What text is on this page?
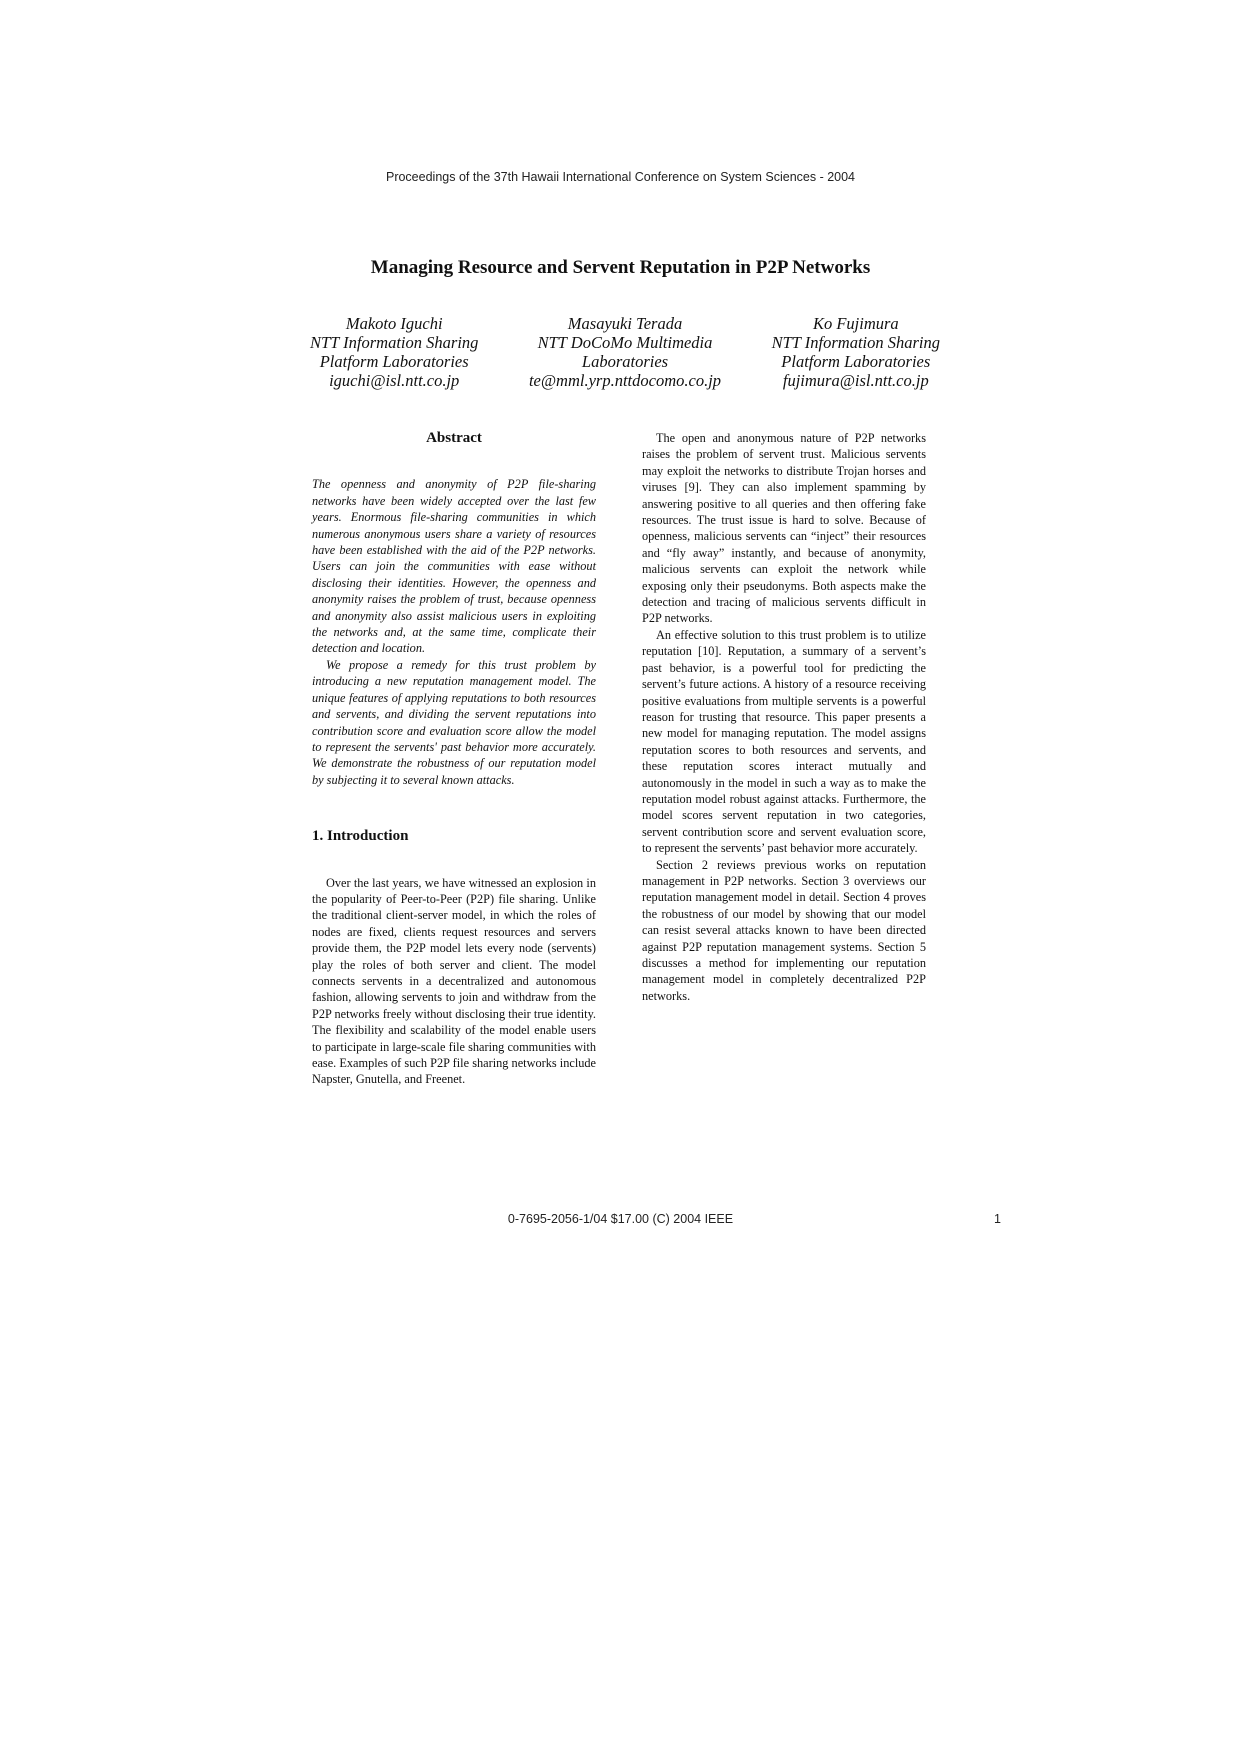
Proceedings of the 37th Hawaii International Conference on System Sciences - 2004
Managing Resource and Servent Reputation in P2P Networks
Makoto Iguchi
NTT Information Sharing
Platform Laboratories
iguchi@isl.ntt.co.jp
Masayuki Terada
NTT DoCoMo Multimedia
Laboratories
te@mml.yrp.nttdocomo.co.jp
Ko Fujimura
NTT Information Sharing
Platform Laboratories
fujimura@isl.ntt.co.jp
Abstract

The openness and anonymity of P2P file-sharing networks have been widely accepted over the last few years. Enormous file-sharing communities in which numerous anonymous users share a variety of resources have been established with the aid of the P2P networks. Users can join the communities with ease without disclosing their identities. However, the openness and anonymity raises the problem of trust, because openness and anonymity also assist malicious users in exploiting the networks and, at the same time, complicate their detection and location.

We propose a remedy for this trust problem by introducing a new reputation management model. The unique features of applying reputations to both resources and servents, and dividing the servent reputations into contribution score and evaluation score allow the model to represent the servents' past behavior more accurately. We demonstrate the robustness of our reputation model by subjecting it to several known attacks.

1. Introduction

Over the last years, we have witnessed an explosion in the popularity of Peer-to-Peer (P2P) file sharing. Unlike the traditional client-server model, in which the roles of nodes are fixed, clients request resources and servers provide them, the P2P model lets every node (servents) play the roles of both server and client. The model connects servents in a decentralized and autonomous fashion, allowing servents to join and withdraw from the P2P networks freely without disclosing their true identity. The flexibility and scalability of the model enable users to participate in large-scale file sharing communities with ease. Examples of such P2P file sharing networks include Napster, Gnutella, and Freenet.

The open and anonymous nature of P2P networks raises the problem of servent trust. Malicious servents may exploit the networks to distribute Trojan horses and viruses [9]. They can also implement spamming by answering positive to all queries and then offering fake resources. The trust issue is hard to solve. Because of openness, malicious servents can “inject” their resources and “fly away” instantly, and because of anonymity, malicious servents can exploit the network while exposing only their pseudonyms. Both aspects make the detection and tracing of malicious servents difficult in P2P networks.

An effective solution to this trust problem is to utilize reputation [10]. Reputation, a summary of a servent’s past behavior, is a powerful tool for predicting the servent’s future actions. A history of a resource receiving positive evaluations from multiple servents is a powerful reason for trusting that resource. This paper presents a new model for managing reputation. The model assigns reputation scores to both resources and servents, and these reputation scores interact mutually and autonomously in the model in such a way as to make the reputation model robust against attacks. Furthermore, the model scores servent reputation in two categories, servent contribution score and servent evaluation score, to represent the servents’ past behavior more accurately.

Section 2 reviews previous works on reputation management in P2P networks. Section 3 overviews our reputation management model in detail. Section 4 proves the robustness of our model by showing that our model can resist several attacks known to have been directed against P2P reputation management systems. Section 5 discusses a method for implementing our reputation management model in completely decentralized P2P networks.

0-7695-2056-1/04 $17.00 (C) 2004 IEEE	1
